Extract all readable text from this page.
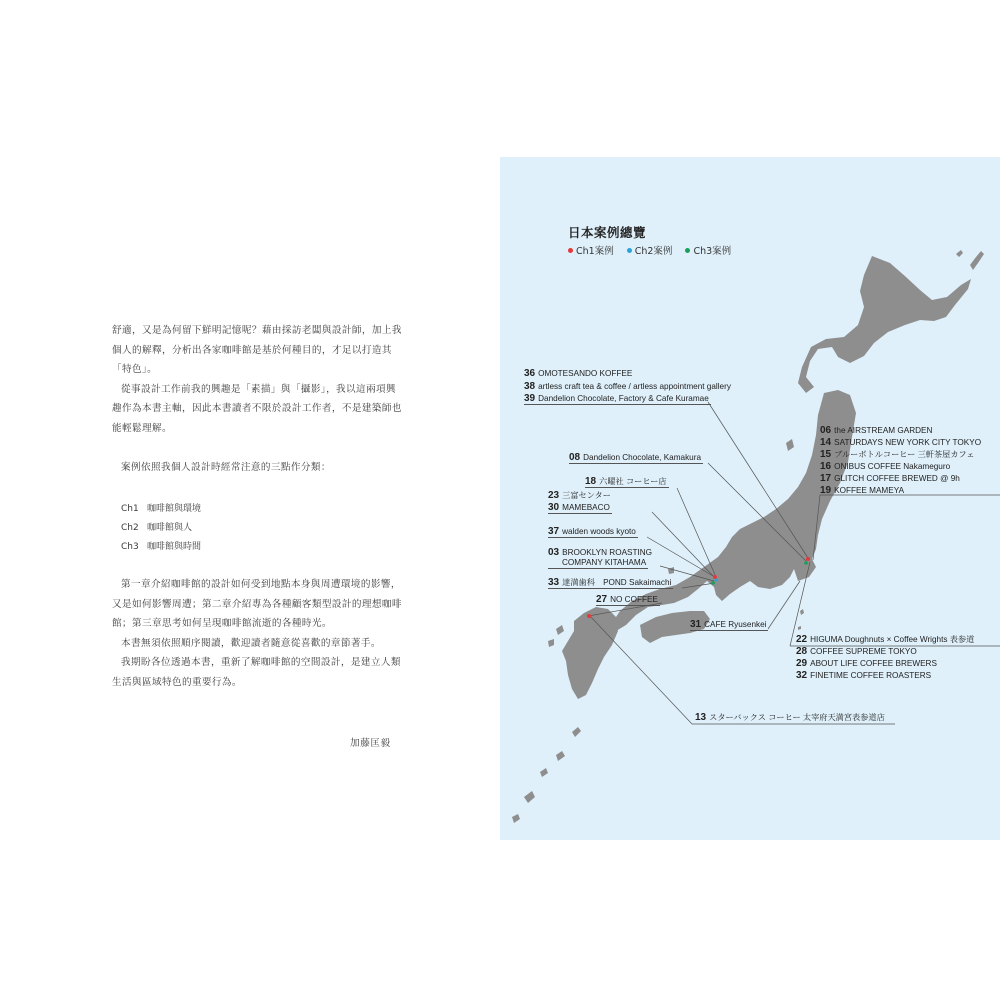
舒適，又是為何留下鮮明記憶呢？藉由採訪老闆與設計師，加上我
個人的解釋，分析出各家咖啡館是基於何種目的，才足以打造其
「特色」。
從事設計工作前我的興趣是「素描」與「攝影」，我以這兩項興
趣作為本書主軸，因此本書讀者不限於設計工作者，不是建築師也
能輕鬆理解。
案例依照我個人設計時經常注意的三點作分類：
Ch1 咖啡館與環境
Ch2 咖啡館與人
Ch3 咖啡館與時間
第一章介紹咖啡館的設計如何受到地點本身與周遭環境的影響，
又是如何影響周遭；第二章介紹專為各種顧客類型設計的理想咖啡
館；第三章思考如何呈現咖啡館流逝的各種時光。
本書無須依照順序閱讀，歡迎讀者隨意從喜歡的章節著手。
我期盼各位透過本書，重新了解咖啡館的空間設計，是建立人類
生活與區域特色的重要行為。
加藤匡毅
日本案例總覽
Ch1案例 Ch2案例 Ch3案例
36 OMOTESANDO KOFFEE
38 artless craft tea & coffee / artless appointment gallery
39 Dandelion Chocolate, Factory & Cafe Kuramae
06 the AIRSTREAM GARDEN
14 SATURDAYS NEW YORK CITY TOKYO
15 ブルーボトルコーヒー 三軒茶屋カフェ
16 ONIBUS COFFEE Nakameguro
17 GLITCH COFFEE BREWED @ 9h
19 KOFFEE MAMEYA
08 Dandelion Chocolate, Kamakura
18 六曜社 コーヒー店
23 三富センター
30 MAMEBACO
37 walden woods kyoto
03 BROOKLYN ROASTING
COMPANY KITAHAMA
33 達満歯科　POND Sakaimachi
27 NO COFFEE
31 CAFE Ryusenkei
22 HIGUMA Doughnuts × Coffee Wrights 表参道
28 COFFEE SUPREME TOKYO
29 ABOUT LIFE COFFEE BREWERS
32 FINETIME COFFEE ROASTERS
13 スターバックス コーヒー 太宰府天満宮表参道店
